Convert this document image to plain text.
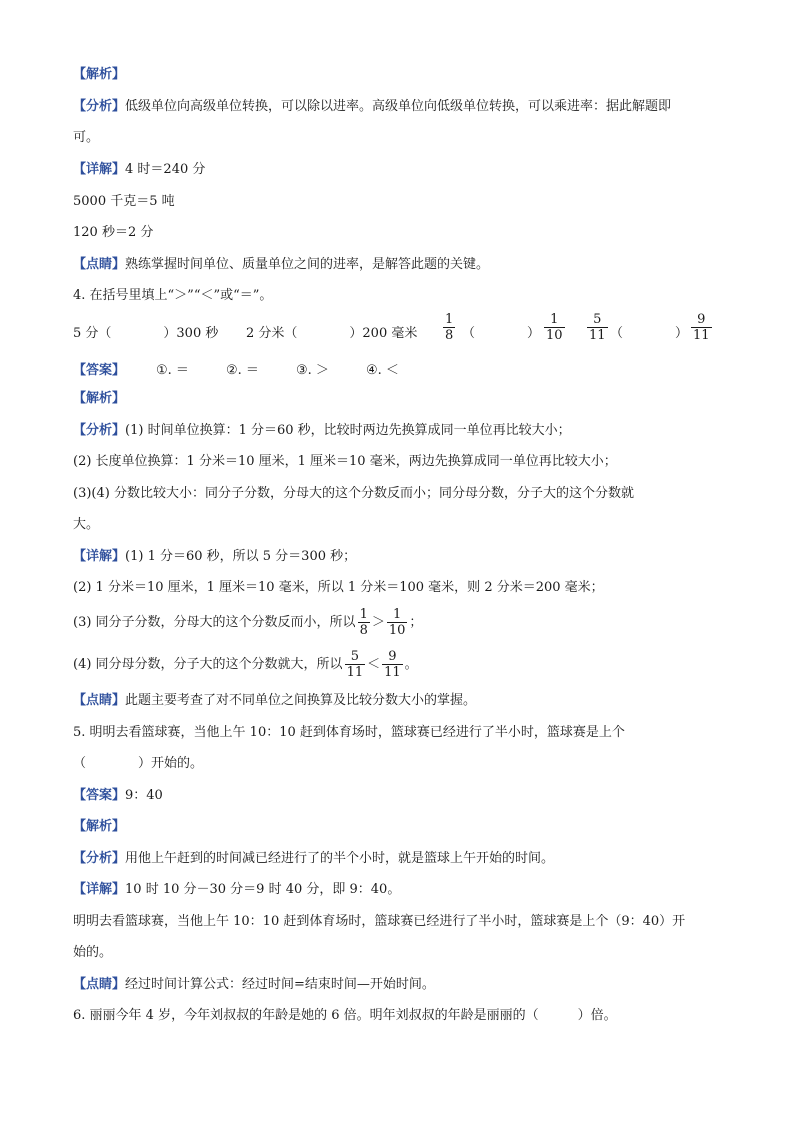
【解析】
【分析】低级单位向高级单位转换，可以除以进率。高级单位向低级单位转换，可以乘进率：据此解题即
可。
【详解】4 时＝240 分
5000 千克＝5 吨
120 秒＝2 分
【点睛】熟练掌握时间单位、质量单位之间的进率，是解答此题的关键。
4. 在括号里填上“＞”“＜”或“＝”。
5 分（　　　　）300 秒 2 分米（　　　　）200 毫米 $\frac{1}{8}$ （　　　　） $\frac{1}{10} \frac{5}{11}$ （　　　　） $\frac{9}{11}$
【答案】 ①. ＝	②. ＝	③. ＞	④. ＜
【解析】
【分析】(1) 时间单位换算：1 分＝60 秒，比较时两边先换算成同一单位再比较大小；
(2) 长度单位换算：1 分米＝10 厘米，1 厘米＝10 毫米，两边先换算成同一单位再比较大小；
(3)(4) 分数比较大小：同分子分数，分母大的这个分数反而小；同分母分数，分子大的这个分数就
大。
【详解】(1) 1 分＝60 秒，所以 5 分＝300 秒；
(2) 1 分米＝10 厘米，1 厘米＝10 毫米，所以 1 分米＝100 毫米，则 2 分米＝200 毫米；
(3) 同分子分数，分母大的这个分数反而小，所以 $\frac{1}{8} > \frac{1}{10}$ ；
(4) 同分母分数，分子大的这个分数就大，所以 $\frac{5}{11} < \frac{9}{11}$ 。
【点睛】此题主要考查了对不同单位之间换算及比较分数大小的掌握。
5. 明明去看篮球赛，当他上午 10：10 赶到体育场时，篮球赛已经进行了半小时，篮球赛是上个
（　　　　）开始的。
【答案】9：40
【解析】
【分析】用他上午赶到的时间减已经进行了的半个小时，就是篮球上午开始的时间。
【详解】10 时 10 分－30 分＝9 时 40 分，即 9：40。
明明去看篮球赛，当他上午 10：10 赶到体育场时，篮球赛已经进行了半小时，篮球赛是上个（9：40）开
始的。
【点睛】经过时间计算公式：经过时间=结束时间—开始时间。
6. 丽丽今年 4 岁，今年刘叔叔的年龄是她的 6 倍。明年刘叔叔的年龄是丽丽的（　　　）倍。
